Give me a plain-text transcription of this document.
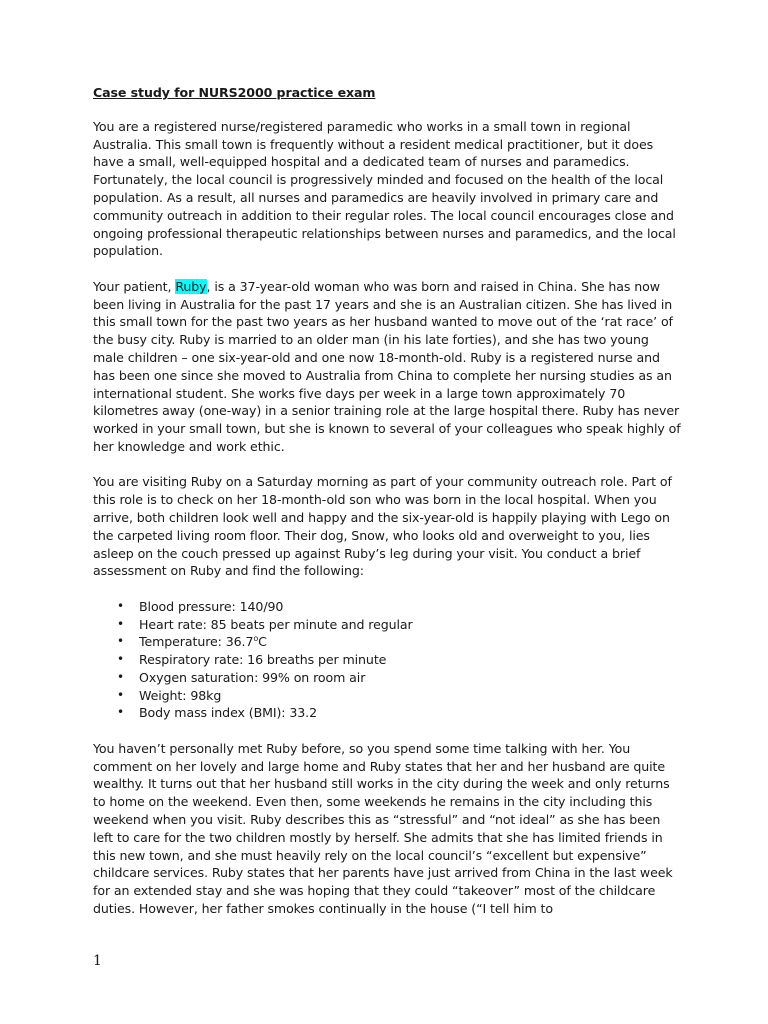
Case study for NURS2000 practice exam

You are a registered nurse/registered paramedic who works in a small town in regional Australia. This small town is frequently without a resident medical practitioner, but it does have a small, well-equipped hospital and a dedicated team of nurses and paramedics. Fortunately, the local council is progressively minded and focused on the health of the local population. As a result, all nurses and paramedics are heavily involved in primary care and community outreach in addition to their regular roles. The local council encourages close and ongoing professional therapeutic relationships between nurses and paramedics, and the local population.

Your patient, Ruby, is a 37-year-old woman who was born and raised in China. She has now been living in Australia for the past 17 years and she is an Australian citizen. She has lived in this small town for the past two years as her husband wanted to move out of the ‘rat race’ of the busy city. Ruby is married to an older man (in his late forties), and she has two young male children – one six-year-old and one now 18-month-old. Ruby is a registered nurse and has been one since she moved to Australia from China to complete her nursing studies as an international student. She works five days per week in a large town approximately 70 kilometres away (one-way) in a senior training role at the large hospital there. Ruby has never worked in your small town, but she is known to several of your colleagues who speak highly of her knowledge and work ethic.

You are visiting Ruby on a Saturday morning as part of your community outreach role. Part of this role is to check on her 18-month-old son who was born in the local hospital. When you arrive, both children look well and happy and the six-year-old is happily playing with Lego on the carpeted living room floor. Their dog, Snow, who looks old and overweight to you, lies asleep on the couch pressed up against Ruby’s leg during your visit. You conduct a brief assessment on Ruby and find the following:

• Blood pressure: 140/90
• Heart rate: 85 beats per minute and regular
• Temperature: 36.7$^o$C
• Respiratory rate: 16 breaths per minute
• Oxygen saturation: 99% on room air
• Weight: 98kg
• Body mass index (BMI): 33.2

You haven’t personally met Ruby before, so you spend some time talking with her. You comment on her lovely and large home and Ruby states that her and her husband are quite wealthy. It turns out that her husband still works in the city during the week and only returns to home on the weekend. Even then, some weekends he remains in the city including this weekend when you visit. Ruby describes this as “stressful” and “not ideal” as she has been left to care for the two children mostly by herself. She admits that she has limited friends in this new town, and she must heavily rely on the local council’s “excellent but expensive” childcare services. Ruby states that her parents have just arrived from China in the last week for an extended stay and she was hoping that they could “takeover” most of the childcare duties. However, her father smokes continually in the house (“I tell him to

1
